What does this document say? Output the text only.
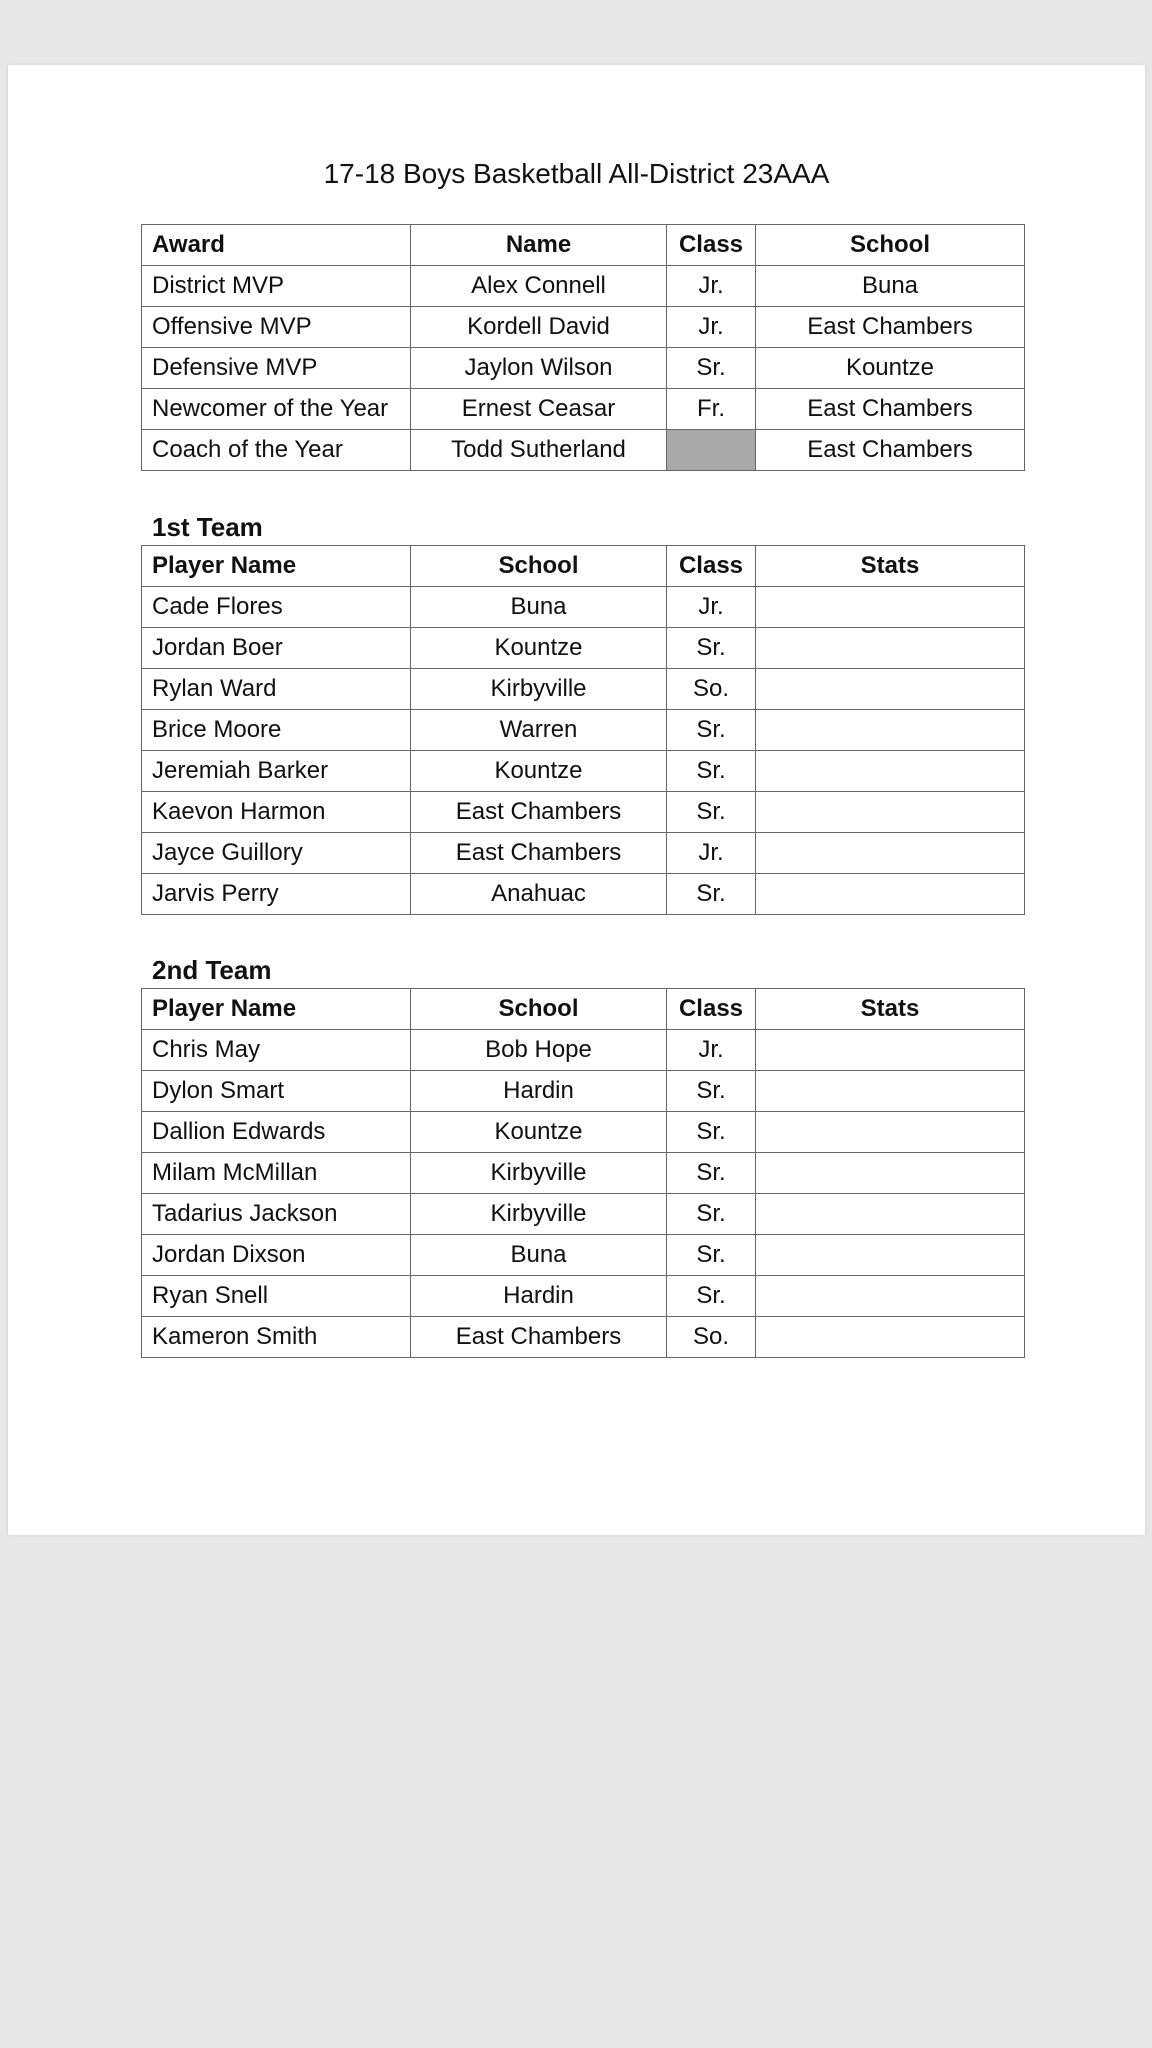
17-18 Boys Basketball All-District 23AAA
Award	Name	Class	School
District MVP	Alex Connell	Jr.	Buna
Offensive MVP	Kordell David	Jr.	East Chambers
Defensive MVP	Jaylon Wilson	Sr.	Kountze
Newcomer of the Year	Ernest Ceasar	Fr.	East Chambers
Coach of the Year	Todd Sutherland		East Chambers
1st Team
Player Name	School	Class	Stats
Cade Flores	Buna	Jr.	
Jordan Boer	Kountze	Sr.	
Rylan Ward	Kirbyville	So.	
Brice Moore	Warren	Sr.	
Jeremiah Barker	Kountze	Sr.	
Kaevon Harmon	East Chambers	Sr.	
Jayce Guillory	East Chambers	Jr.	
Jarvis Perry	Anahuac	Sr.	
2nd Team
Player Name	School	Class	Stats
Chris May	Bob Hope	Jr.	
Dylon Smart	Hardin	Sr.	
Dallion Edwards	Kountze	Sr.	
Milam McMillan	Kirbyville	Sr.	
Tadarius Jackson	Kirbyville	Sr.	
Jordan Dixson	Buna	Sr.	
Ryan Snell	Hardin	Sr.	
Kameron Smith	East Chambers	So.	
